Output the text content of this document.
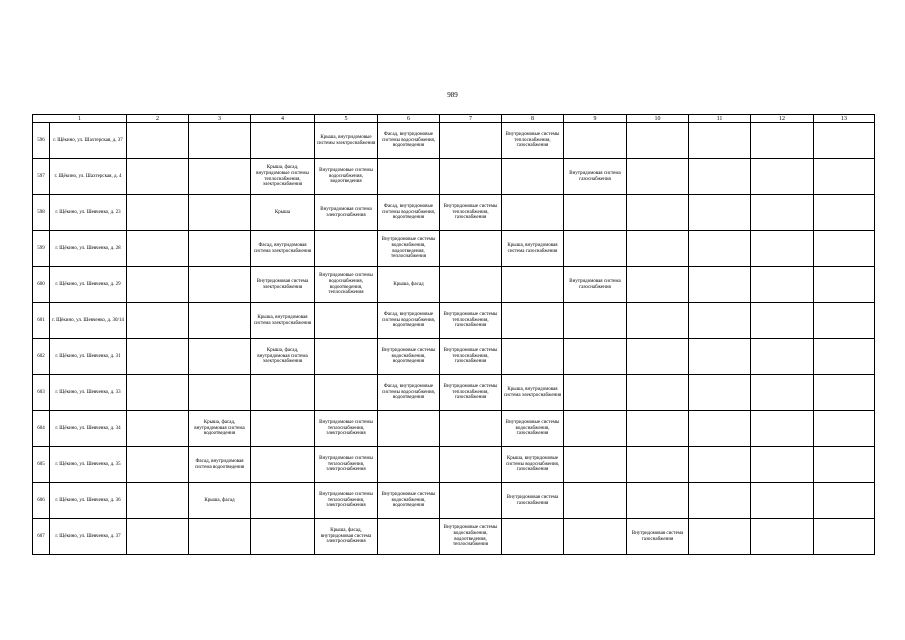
989
1		2	3	4	5	6	7	8	9	10	11	12	13
596	г. Щёкино, ул. Шахтерская, д. 37				Крыша, внутридомовые системы электроснабжения	Фасад, внутридомовые системы водоснабжения, водоотведения		Внутридомовые системы теплоснабжения, газоснабжения					
597	г. Щёкино, ул. Шахтерская, д. 4			Крыша, фасад, внутридомовые системы теплоснабжения, электроснабжения	Внутридомовые системы водоснабжения, водоотведения				Внутридомовая система газоснабжения				
598	г. Щёкино, ул. Шевченко, д. 23			Крыша	Внутридомовая система электроснабжения	Фасад, внутридомовые системы водоснабжения, водоотведения	Внутридомовые системы теплоснабжения, газоснабжения						
599	г. Щёкино, ул. Шевченко, д. 28			Фасад, внутридомовая система электроснабжения		Внутридомовые системы водоснабжения, водоотведения, теплоснабжения		Крыша, внутридомовая система газоснабжения					
600	г. Щёкино, ул. Шевченко, д. 29			Внутридомовая система электроснабжения	Внутридомовые системы водоснабжения, водоотведения, теплоснабжения	Крыша, фасад			Внутридомовая система газоснабжения				
601	г. Щёкино, ул. Шевченко, д. 30/14			Крыша, внутридомовая система электроснабжения		Фасад, внутридомовые системы водоснабжения, водоотведения	Внутридомовые системы теплоснабжения, газоснабжения						
602	г. Щёкино, ул. Шевченко, д. 31			Крыша, фасад, внутридомовая система электроснабжения		Внутридомовые системы водоснабжения, водоотведения	Внутридомовые системы теплоснабжения, газоснабжения						
603	г. Щёкино, ул. Шевченко, д. 33					Фасад, внутридомовые системы водоснабжения, водоотведения	Внутридомовые системы теплоснабжения, газоснабжения	Крыша, внутридомовая система электроснабжения					
604	г. Щёкино, ул. Шевченко, д. 34		Крыша, фасад, внутридомовая система водоотведения		Внутридомовые системы теплоснабжения, электроснабжения			Внутридомовые системы водоснабжения, газоснабжения					
605	г. Щёкино, ул. Шевченко, д. 35		Фасад, внутридомовая система водоотведения		Внутридомовые системы теплоснабжения, электроснабжения			Крыша, внутридомовые системы водоснабжения, газоснабжения					
606	г. Щёкино, ул. Шевченко, д. 36		Крыша, фасад		Внутридомовые системы теплоснабжения, электроснабжения	Внутридомовые системы водоснабжения, водоотведения		Внутридомовая система газоснабжения					
607	г. Щёкино, ул. Шевченко, д. 37				Крыша, фасад, внутридомовая система электроснабжения		Внутридомовые системы водоснабжения, водоотведения, теплоснабжения			Внутридомовая система газоснабжения			
